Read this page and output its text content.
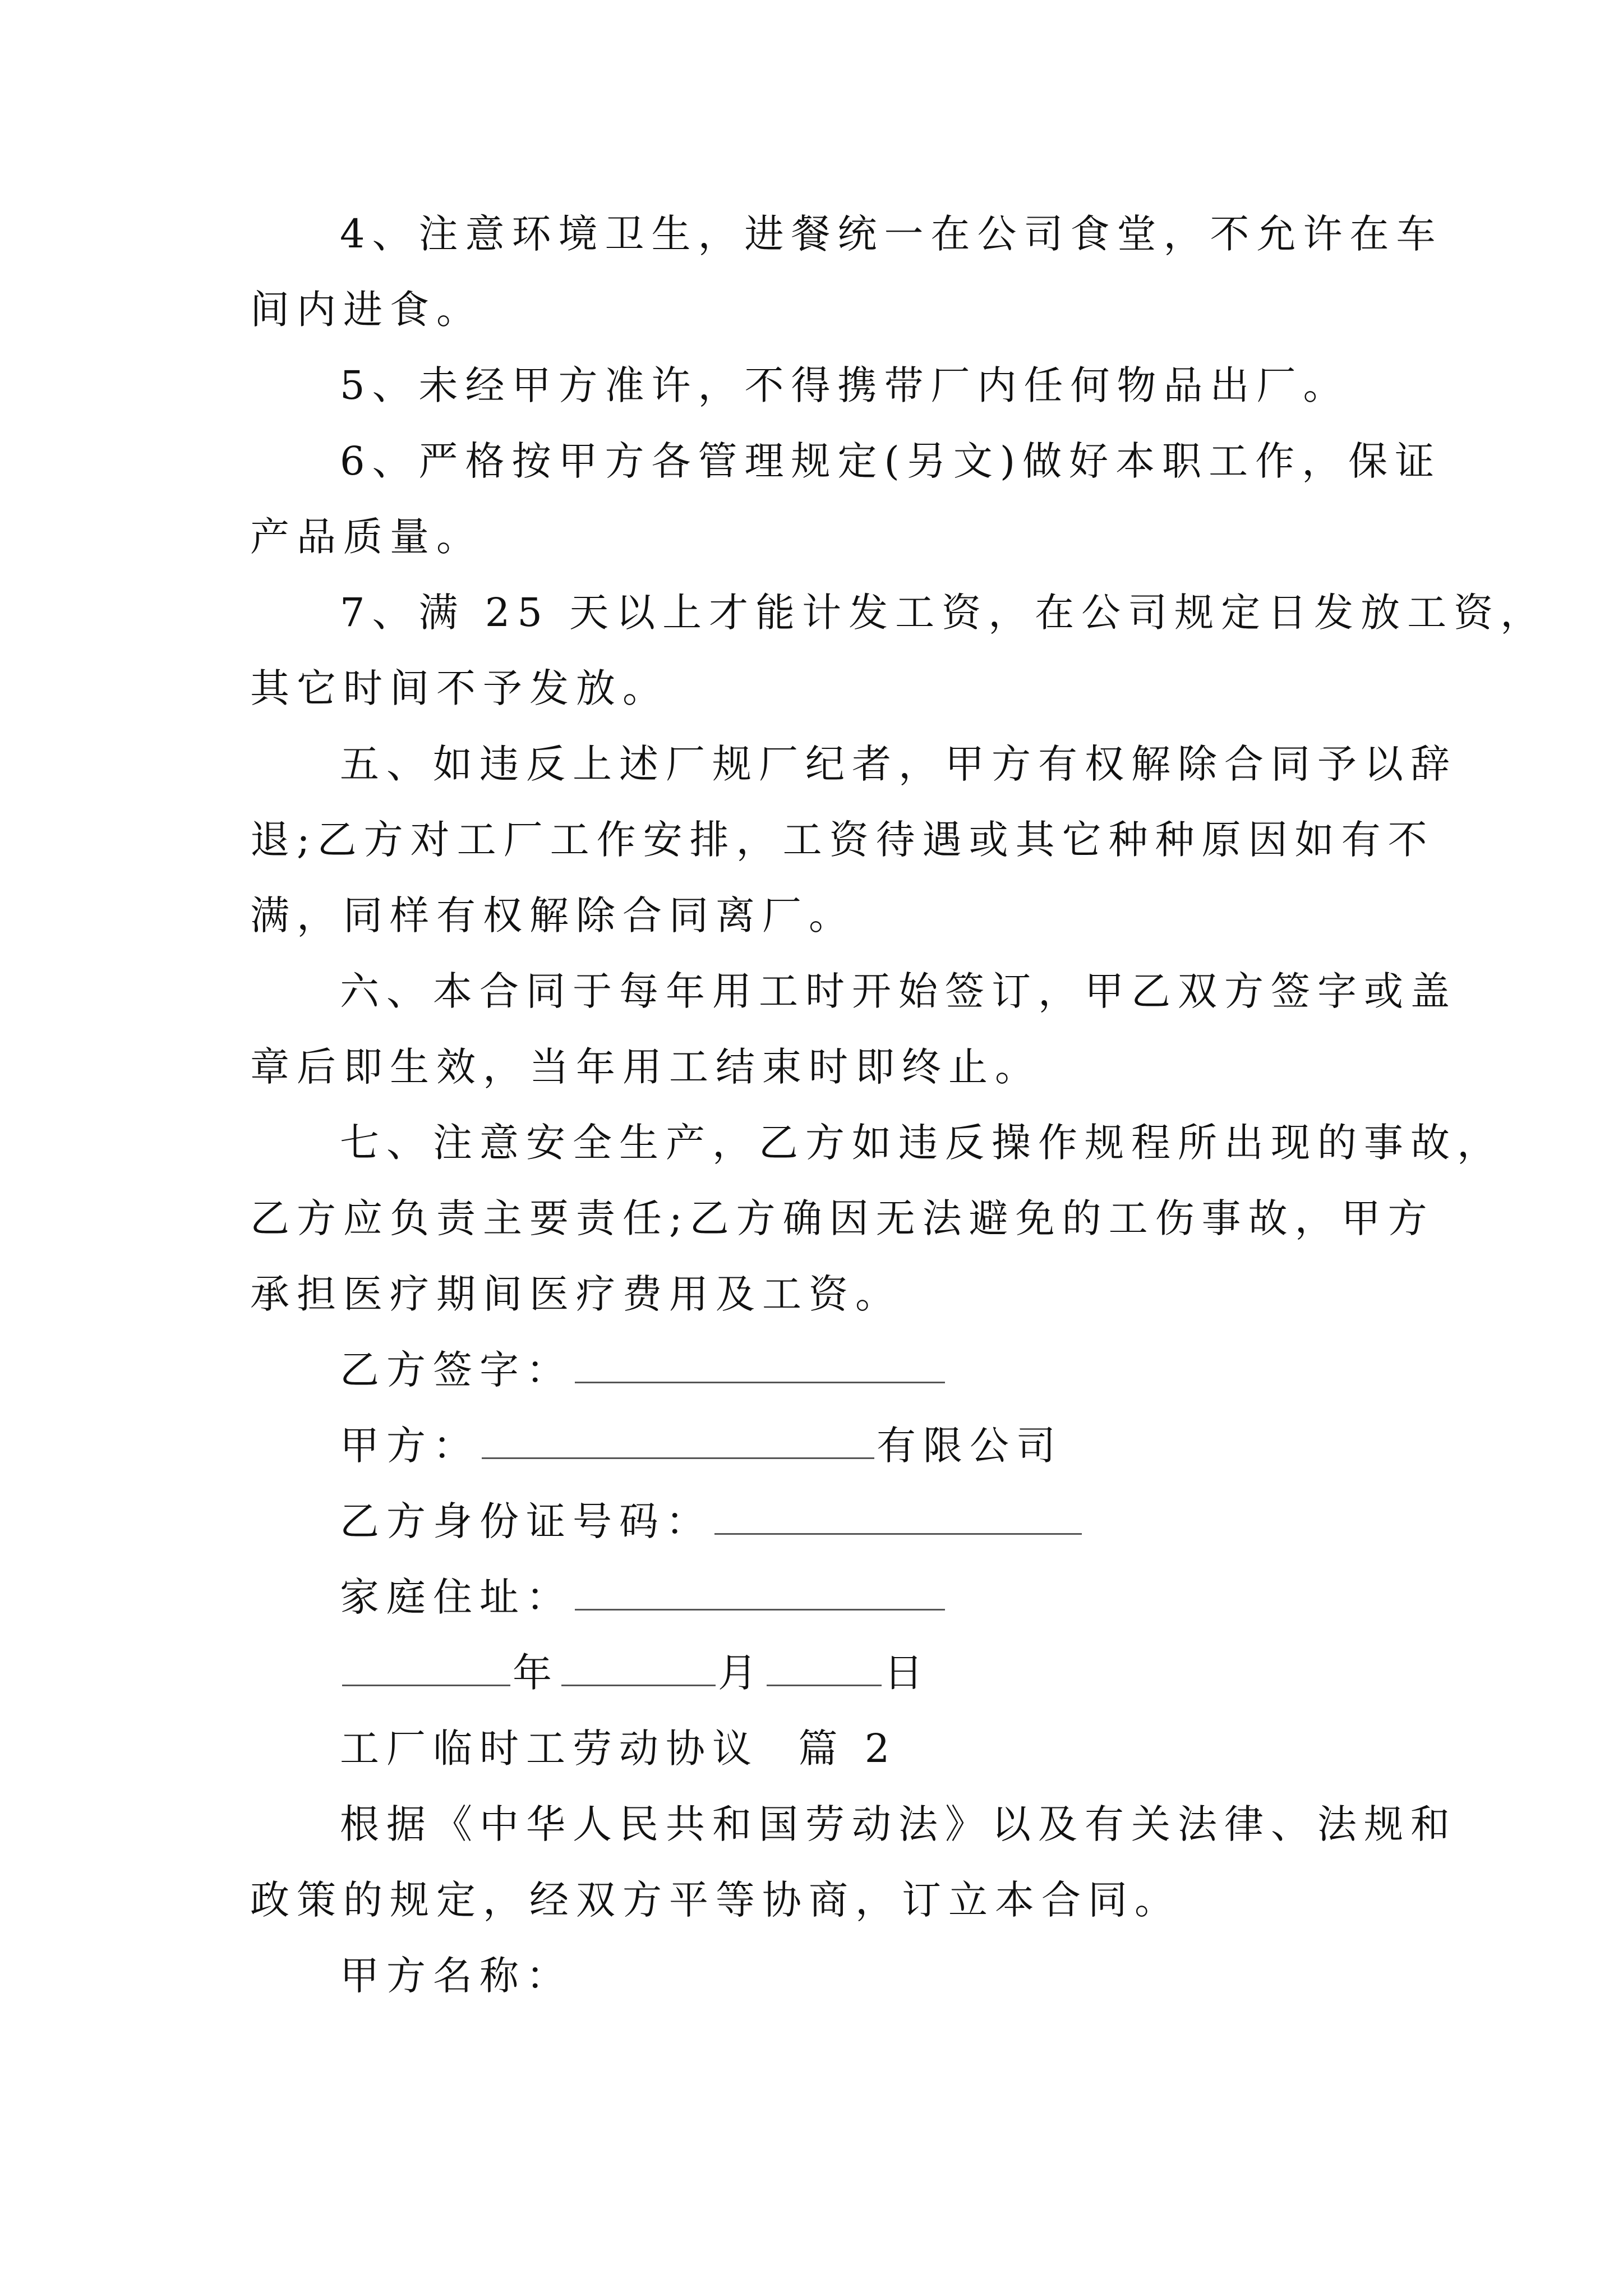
4、注意环境卫生，进餐统一在公司食堂，不允许在车
间内进食。
5、未经甲方准许，不得携带厂内任何物品出厂。
6、严格按甲方各管理规定(另文)做好本职工作，保证
产品质量。
7、满 25 天以上才能计发工资，在公司规定日发放工资，
其它时间不予发放。
五、如违反上述厂规厂纪者，甲方有权解除合同予以辞
退;乙方对工厂工作安排，工资待遇或其它种种原因如有不
满，同样有权解除合同离厂。
六、本合同于每年用工时开始签订，甲乙双方签字或盖
章后即生效，当年用工结束时即终止。
七、注意安全生产，乙方如违反操作规程所出现的事故，
乙方应负责主要责任;乙方确因无法避免的工伤事故，甲方
承担医疗期间医疗费用及工资。
乙方签字：
甲方：	有限公司
乙方身份证号码：
家庭住址：
年	月	日
工厂临时工劳动协议  篇 2
根据《中华人民共和国劳动法》以及有关法律、法规和
政策的规定，经双方平等协商，订立本合同。
甲方名称：
